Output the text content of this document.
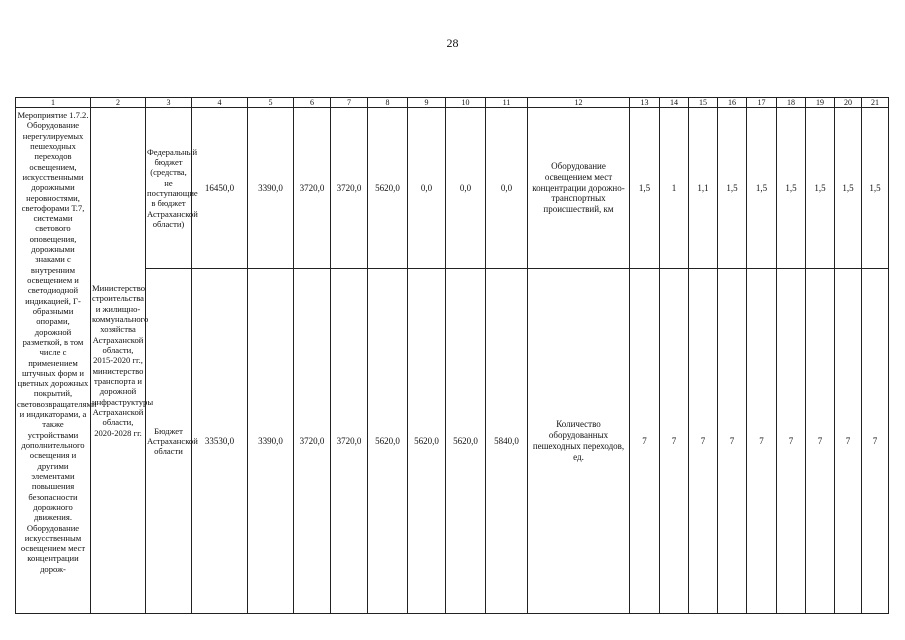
28
1	2	3	4	5	6	7	8	9	10	11	12	13	14	15	16	17	18	19	20	21
Мероприятие 1.7.2. Оборудование нерегулируемых пешеходных переходов освещением, искусственными дорожными неровностями, светофорами Т.7, системами светового оповещения, дорожными знаками с внутренним освещением и светодиодной индикацией, Г-образными опорами, дорожной разметкой, в том числе с применением штучных форм и цветных дорожных покрытий, световозвращателями и индикаторами, а также устройствами дополнительного освещения и другими элементами повышения безопасности дорожного движения. Оборудование искусственным освещением мест концентрации дорож-	Министерство строительства и жилищно-коммунального хозяйства Астраханской области, 2015-2020 гг., министерство транспорта и дорожной инфраструктуры Астраханской области, 2020-2028 гг.	Федеральный бюджет (средства, не поступающие в бюджет Астраханской области)	16450,0	3390,0	3720,0	3720,0	5620,0	0,0	0,0	0,0	Оборудование освещением мест концентрации дорожно-транспортных происшествий, км	1,5	1	1,1	1,5	1,5	1,5	1,5	1,5	1,5
		Бюджет Астраханской области	33530,0	3390,0	3720,0	3720,0	5620,0	5620,0	5620,0	5840,0	Количество оборудованных пешеходных переходов, ед.	7	7	7	7	7	7	7	7	7
